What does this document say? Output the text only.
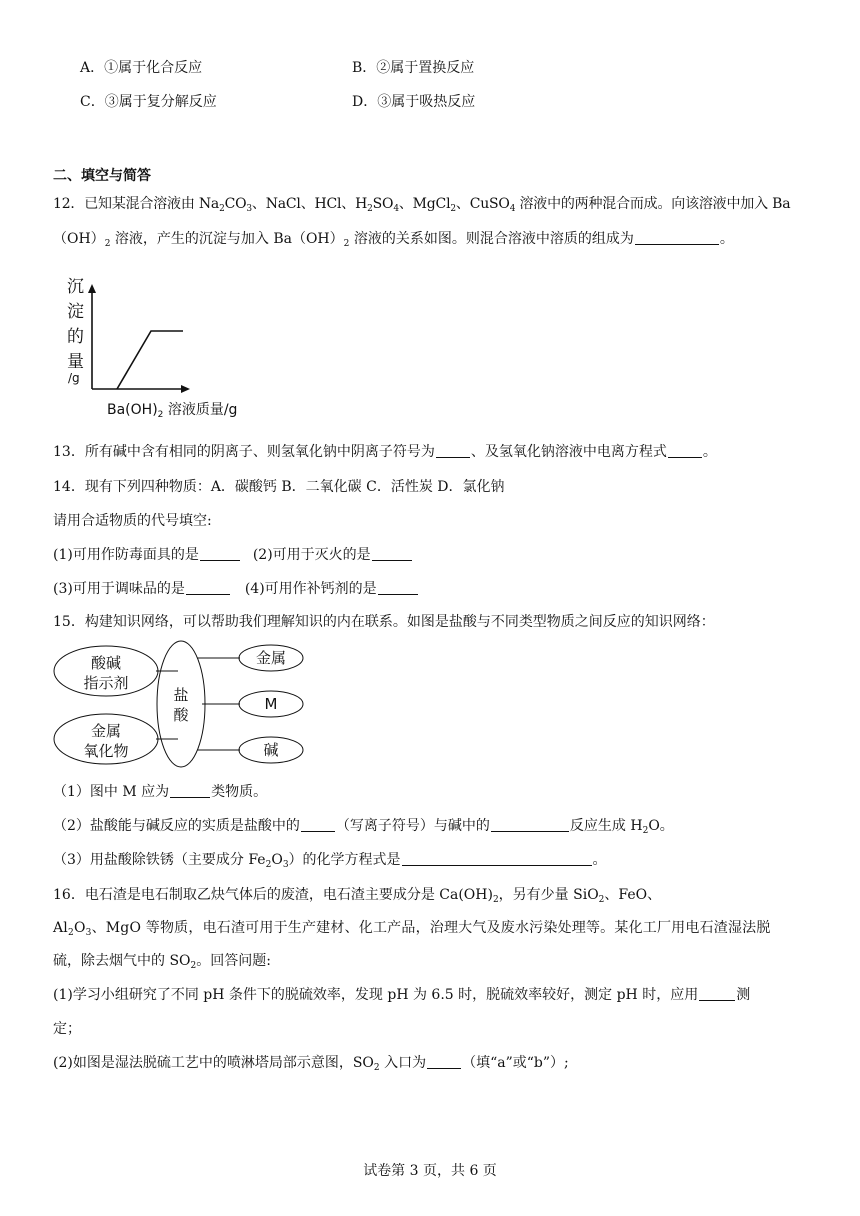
A．①属于化合反应	B．②属于置换反应
C．③属于复分解反应	D．③属于吸热反应
二、填空与简答
12．已知某混合溶液由 $Na_2CO_3$、NaCl、HCl、$H_2SO_4$、MgCl$_2$、CuSO$_4$ 溶液中的两种混合而成。向该溶液中加入 Ba
$(OH)_2$ 溶液，产生的沉淀与加入 $Ba(OH)_2$ 溶液的关系如图。则混合溶液中溶质的组成为	。
沉
淀
的
量
/g
$Ba(OH)_2$ 溶液质量/g
13．所有碱中含有相同的阴离子、则氢氧化钠中阴离子符号为	、及氢氧化钠溶液中电离方程式	。
14．现有下列四种物质：A．碳酸钙 B．二氧化碳 C．活性炭 D．氯化钠
请用合适物质的代号填空:
(1)可用作防毒面具的是	(2)可用于灭火的是
(3)可用于调味品的是	(4)可用作补钙剂的是
15．构建知识网络，可以帮助我们理解知识的内在联系。如图是盐酸与不同类型物质之间反应的知识网络：
酸碱
指示剂
金属
氧化物
盐
酸
金属
M
碱
（1）图中 M 应为	类物质。
（2）盐酸能与碱反应的实质是盐酸中的	（写离子符号）与碱中的	反应生成 $H_2O$。
（3）用盐酸除铁锈（主要成分 $Fe_2O_3$）的化学方程式是	。
16．电石渣是电石制取乙炔气体后的废渣，电石渣主要成分是 $Ca(OH)_2$，另有少量 SiO$_2$、FeO、
$Al_2O_3$、MgO 等物质，电石渣可用于生产建材、化工产品，治理大气及废水污染处理等。某化工厂用电石渣湿法脱
硫，除去烟气中的 $SO_2$。回答问题:
(1)学习小组研究了不同 pH 条件下的脱硫效率，发现 pH 为 6.5 时，脱硫效率较好，测定 pH 时，应用	测
定；
(2)如图是湿法脱硫工艺中的喷淋塔局部示意图，$SO_2$ 入口为	（填“a”或“b”）;
试卷第 3 页，共 6 页
